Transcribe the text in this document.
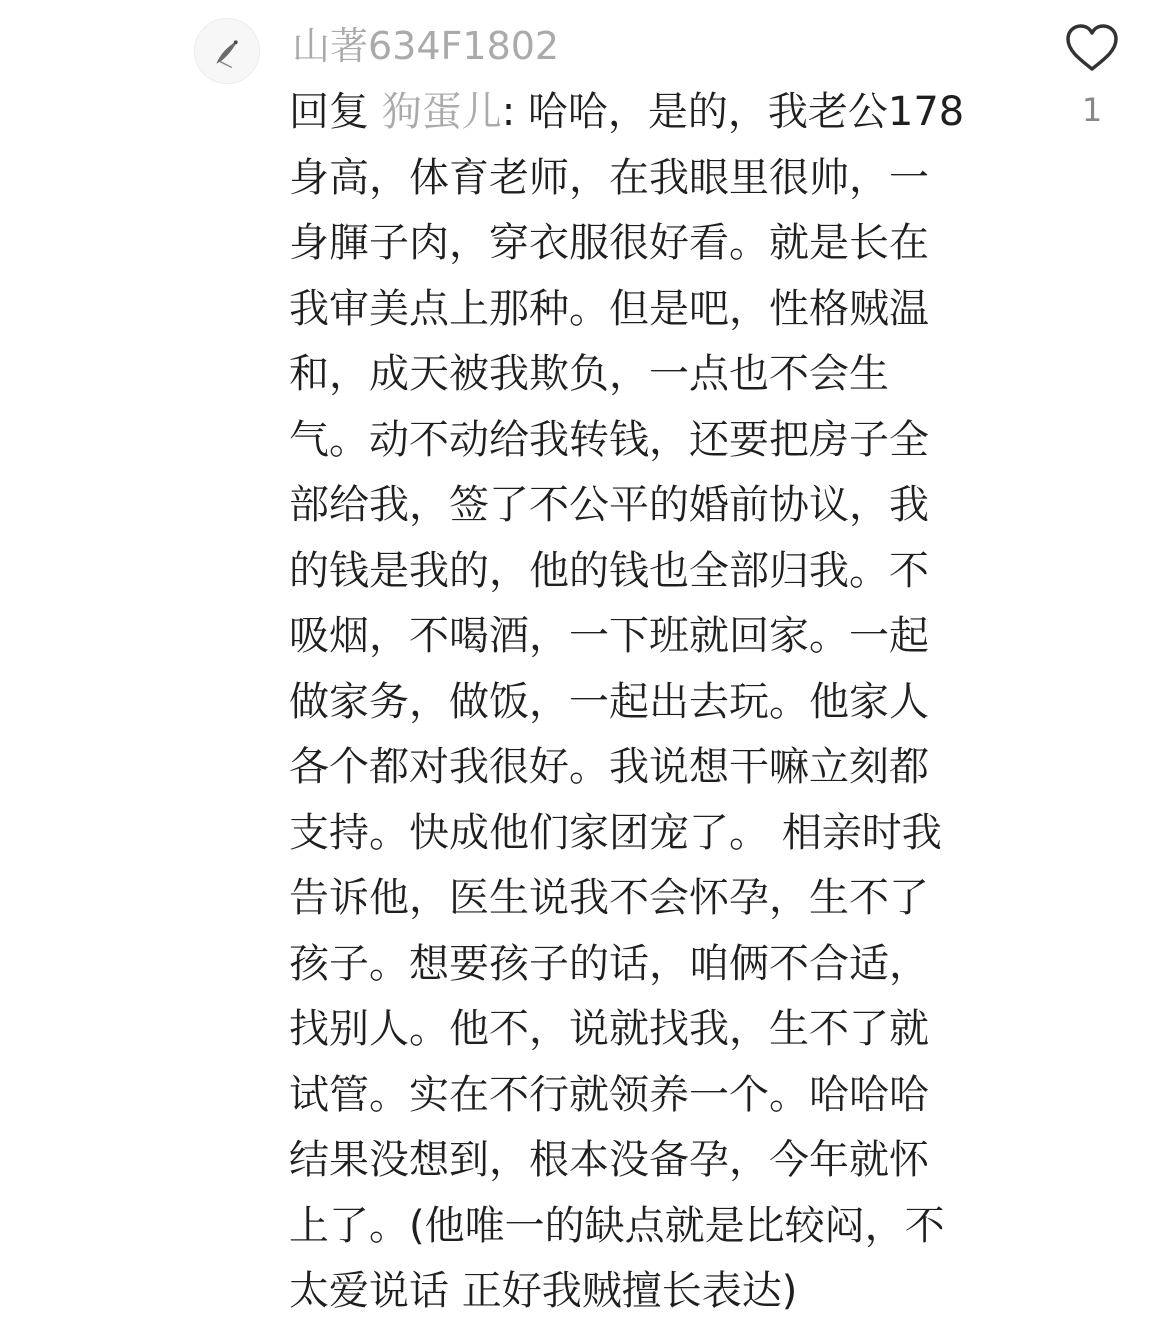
山著634F1802

回复 狗蛋儿: 哈哈，是的，我老公178
身高，体育老师，在我眼里很帅，一
身腪子肉，穿衣服很好看。就是长在
我审美点上那种。但是吧，性格贼温
和，成天被我欺负，一点也不会生
气。动不动给我转钱，还要把房子全
部给我，签了不公平的婚前协议，我
的钱是我的，他的钱也全部归我。不
吸烟，不喝酒，一下班就回家。一起
做家务，做饭，一起出去玩。他家人
各个都对我很好。我说想干嘛立刻都
支持。快成他们家团宠了。 相亲时我
告诉他，医生说我不会怀孕，生不了
孩子。想要孩子的话，咱俩不合适，
找别人。他不，说就找我，生不了就
试管。实在不行就领养一个。哈哈哈
结果没想到，根本没备孕，今年就怀
上了。(他唯一的缺点就是比较闷，不
太爱说话 正好我贼擅长表达)

1
